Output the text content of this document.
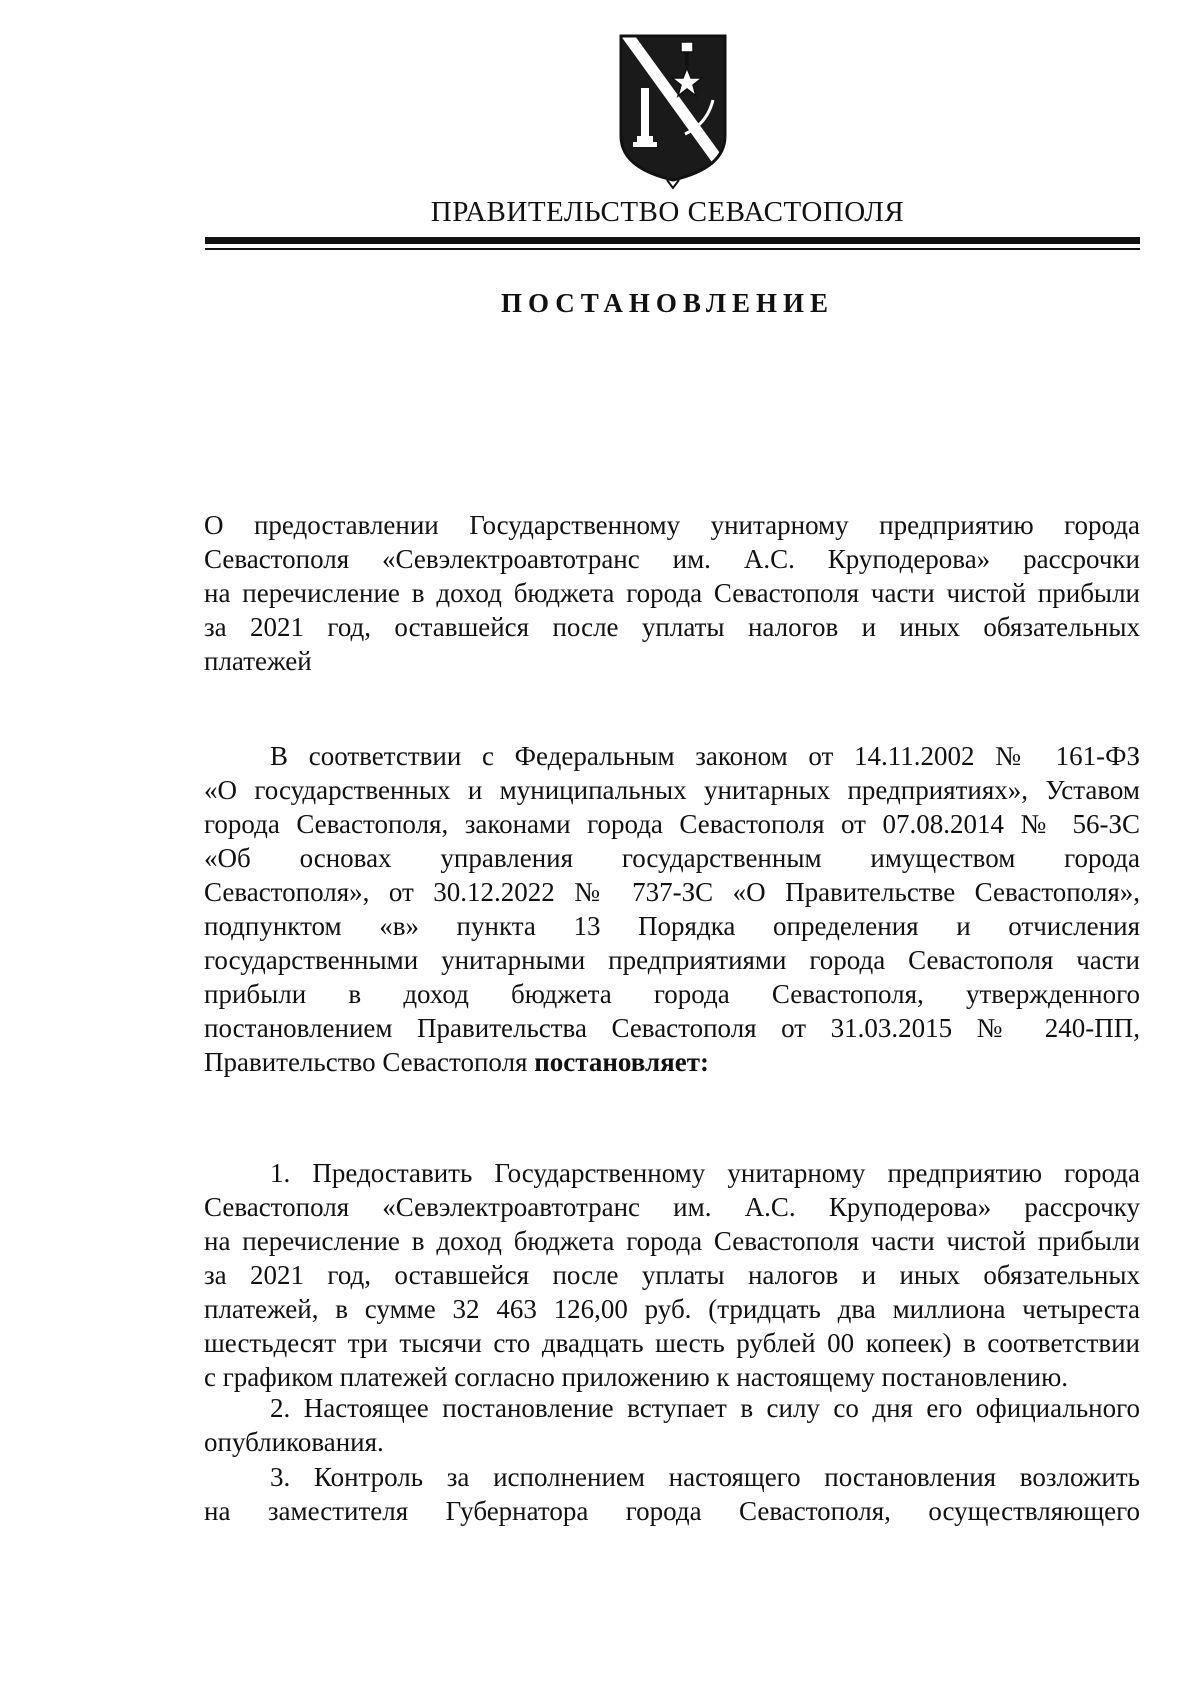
ПРАВИТЕЛЬСТВО СЕВАСТОПОЛЯ
ПОСТАНОВЛЕНИЕ
О предоставлении Государственному унитарному предприятию города
Севастополя «Севэлектроавтотранс им. А.С. Круподерова» рассрочки
на перечисление в доход бюджета города Севастополя части чистой прибыли
за 2021 год, оставшейся после уплаты налогов и иных обязательных
платежей
В соответствии с Федеральным законом от 14.11.2002 № 161-ФЗ
«О государственных и муниципальных унитарных предприятиях», Уставом
города Севастополя, законами города Севастополя от 07.08.2014 № 56-ЗС
«Об основах управления государственным имуществом города
Севастополя», от 30.12.2022 № 737-ЗС «О Правительстве Севастополя»,
подпунктом «в» пункта 13 Порядка определения и отчисления
государственными унитарными предприятиями города Севастополя части
прибыли в доход бюджета города Севастополя, утвержденного
постановлением Правительства Севастополя от 31.03.2015 № 240-ПП,
Правительство Севастополя постановляет:
1. Предоставить Государственному унитарному предприятию города
Севастополя «Севэлектроавтотранс им. А.С. Круподерова» рассрочку
на перечисление в доход бюджета города Севастополя части чистой прибыли
за 2021 год, оставшейся после уплаты налогов и иных обязательных
платежей, в сумме 32 463 126,00 руб. (тридцать два миллиона четыреста
шестьдесят три тысячи сто двадцать шесть рублей 00 копеек) в соответствии
с графиком платежей согласно приложению к настоящему постановлению.
2. Настоящее постановление вступает в силу со дня его официального
опубликования.
3. Контроль за исполнением настоящего постановления возложить
на заместителя Губернатора города Севастополя, осуществляющего
